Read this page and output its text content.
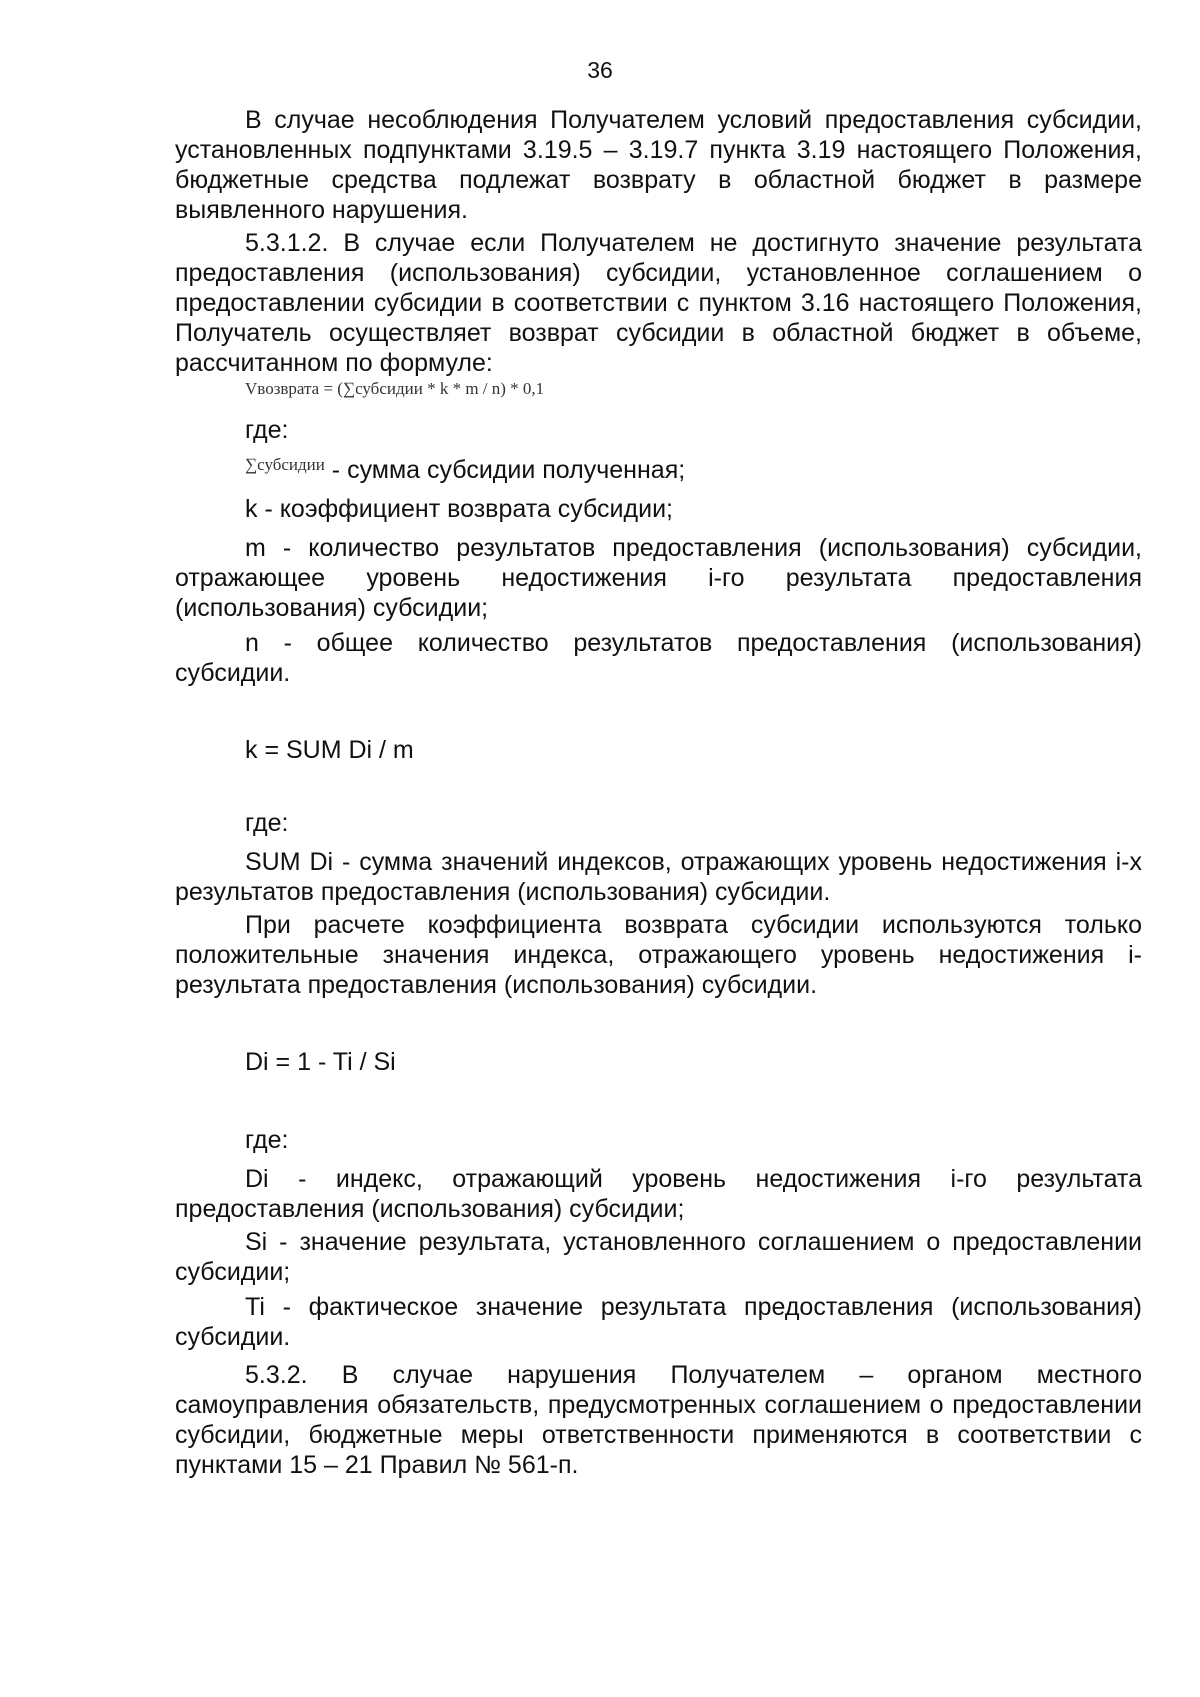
36

В случае несоблюдения Получателем условий предоставления субсидии, установленных подпунктами 3.19.5 – 3.19.7 пункта 3.19 настоящего Положения, бюджетные средства подлежат возврату в областной бюджет в размере выявленного нарушения.

5.3.1.2. В случае если Получателем не достигнуто значение результата предоставления (использования) субсидии, установленное соглашением о предоставлении субсидии в соответствии с пунктом 3.16 настоящего Положения, Получатель осуществляет возврат субсидии в областной бюджет в объеме, рассчитанном по формуле:

Vвозврата = (∑субсидии * k * m / n) * 0,1
где:
$^{\sum субсидии}$ - сумма субсидии полученная;
k - коэффициент возврата субсидии;

m - количество результатов предоставления (использования) субсидии, отражающее уровень недостижения i-го результата предоставления (использования) субсидии;

n - общее количество результатов предоставления (использования) субсидии.

k = SUM Di / m
где:

SUM Di - сумма значений индексов, отражающих уровень недостижения i-х результатов предоставления (использования) субсидии.

При расчете коэффициента возврата субсидии используются только положительные значения индекса, отражающего уровень недостижения i-результата предоставления (использования) субсидии.

Di = 1 - Ti / Si
где:

Di - индекс, отражающий уровень недостижения i-го результата предоставления (использования) субсидии;

Si - значение результата, установленного соглашением о предоставлении субсидии;

Ti - фактическое значение результата предоставления (использования) субсидии.

5.3.2. В случае нарушения Получателем – органом местного самоуправления обязательств, предусмотренных соглашением о предоставлении субсидии, бюджетные меры ответственности применяются в соответствии с пунктами 15 – 21 Правил № 561-п.
